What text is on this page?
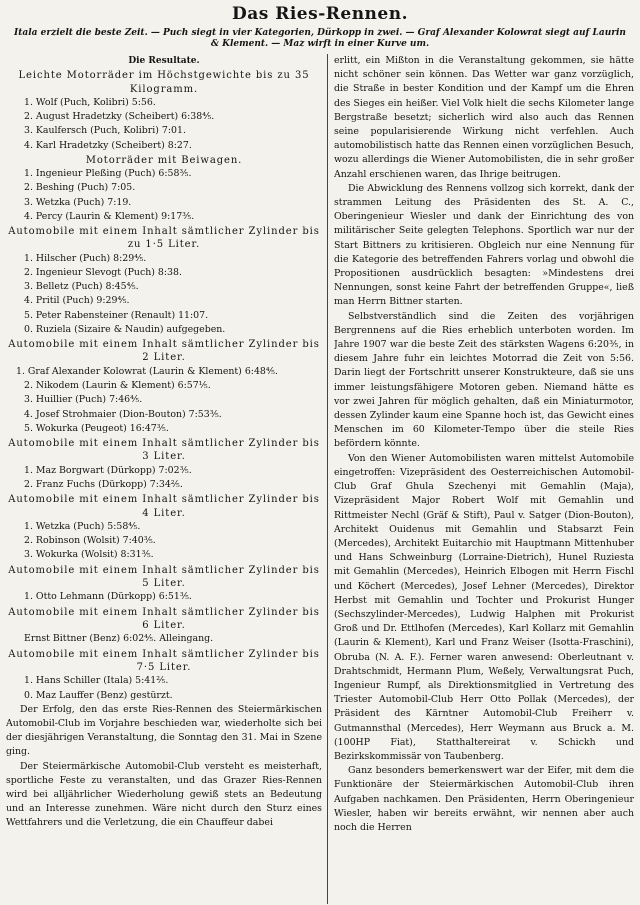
Das Ries-Rennen.
Itala erzielt die beste Zeit. — Puch siegt in vier Kategorien, Dürkopp in zwei. — Graf Alexander Kolowrat siegt auf Laurin & Klement. — Maz wirft in einer Kurve um.
Die Resultate.
Leichte Motorräder im Höchstgewichte bis zu 35 Kilogramm.
1. Wolf (Puch, Kolibri) 5:56.
2. August Hradetzky (Scheibert) 6:38⅘.
3. Kaulfersch (Puch, Kolibri) 7:01.
4. Karl Hradetzky (Scheibert) 8:27.
Motorräder mit Beiwagen.
1. Ingenieur Pleßing (Puch) 6:58⅗.
2. Beshing (Puch) 7:05.
3. Wetzka (Puch) 7:19.
4. Percy (Laurin & Klement) 9:17⅗.
Automobile mit einem Inhalt sämtlicher Zylinder bis zu 1·5 Liter.
1. Hilscher (Puch) 8:29⅘.
2. Ingenieur Slevogt (Puch) 8:38.
3. Belletz (Puch) 8:45⅘.
4. Pritil (Puch) 9:29⅘.
5. Peter Rabensteiner (Renault) 11:07.
0. Ruziela (Sizaire & Naudin) aufgegeben.
Automobile mit einem Inhalt sämtlicher Zylinder bis 2 Liter.
1. Graf Alexander Kolowrat (Laurin & Klement) 6:48⅘.
2. Nikodem (Laurin & Klement) 6:57⅕.
3. Huillier (Puch) 7:46⅘.
4. Josef Strohmaier (Dion-Bouton) 7:53⅗.
5. Wokurka (Peugeot) 16:47⅗.
Automobile mit einem Inhalt sämtlicher Zylinder bis 3 Liter.
1. Maz Borgwart (Dürkopp) 7:02⅗.
2. Franz Fuchs (Dürkopp) 7:34⅖.
Automobile mit einem Inhalt sämtlicher Zylinder bis 4 Liter.
1. Wetzka (Puch) 5:58⅘.
2. Robinson (Wolsit) 7:40⅗.
3. Wokurka (Wolsit) 8:31⅗.
Automobile mit einem Inhalt sämtlicher Zylinder bis 5 Liter.
1. Otto Lehmann (Dürkopp) 6:51⅗.
Automobile mit einem Inhalt sämtlicher Zylinder bis 6 Liter.
Ernst Bittner (Benz) 6:02⅘. Alleingang.
Automobile mit einem Inhalt sämtlicher Zylinder bis 7·5 Liter.
1. Hans Schiller (Itala) 5:41⅖.
0. Maz Lauffer (Benz) gestürzt.

Der Erfolg, den das erste Ries-Rennen des Steiermärkischen Automobil-Club im Vorjahre beschieden war, wiederholte sich bei der diesjährigen Veranstaltung, die Sonntag den 31. Mai in Szene ging.

Der Steiermärkische Automobil-Club versteht es meisterhaft, sportliche Feste zu veranstalten, und das Grazer Ries-Rennen wird bei alljährlicher Wiederholung gewiß stets an Bedeutung und an Interesse zunehmen. Wäre nicht durch den Sturz eines Wettfahrers und die Verletzung, die ein Chauffeur dabei

erlitt, ein Mißton in die Veranstaltung gekommen, sie hätte nicht schöner sein können. Das Wetter war ganz vorzüglich, die Straße in bester Kondition und der Kampf um die Ehren des Sieges ein heißer. Viel Volk hielt die sechs Kilometer lange Bergstraße besetzt; sicherlich wird also auch das Rennen seine popularisierende Wirkung nicht verfehlen. Auch automobilistisch hatte das Rennen einen vorzüglichen Besuch, wozu allerdings die Wiener Automobilisten, die in sehr großer Anzahl erschienen waren, das Ihrige beitrugen.

Die Abwicklung des Rennens vollzog sich korrekt, dank der strammen Leitung des Präsidenten des St. A. C., Oberingenieur Wiesler und dank der Einrichtung des von militärischer Seite gelegten Telephons. Sportlich war nur der Start Bittners zu kritisieren. Obgleich nur eine Nennung für die Kategorie des betreffenden Fahrers vorlag und obwohl die Propositionen ausdrücklich besagten: »Mindestens drei Nennungen, sonst keine Fahrt der betreffenden Gruppe«, ließ man Herrn Bittner starten.

Selbstverständlich sind die Zeiten des vorjährigen Bergrennens auf die Ries erheblich unterboten worden. Im Jahre 1907 war die beste Zeit des stärksten Wagens 6:20⅗, in diesem Jahre fuhr ein leichtes Motorrad die Zeit von 5:56. Darin liegt der Fortschritt unserer Konstrukteure, daß sie uns immer leistungsfähigere Motoren geben. Niemand hätte es vor zwei Jahren für möglich gehalten, daß ein Miniaturmotor, dessen Zylinder kaum eine Spanne hoch ist, das Gewicht eines Menschen im 60 Kilometer-Tempo über die steile Ries befördern könnte.

Von den Wiener Automobilisten waren mittelst Automobile eingetroffen: Vizepräsident des Oesterreichischen Automobil-Club Graf Ghula Szechenyi mit Gemahlin (Maja), Vizepräsident Major Robert Wolf mit Gemahlin und Rittmeister Nechl (Gräf & Stift), Paul v. Satger (Dion-Bouton), Architekt Ouidenus mit Gemahlin und Stabsarzt Fein (Mercedes), Architekt Euitarchio mit Hauptmann Mittenhuber und Hans Schweinburg (Lorraine-Dietrich), Hunel Ruziesta mit Gemahlin (Mercedes), Heinrich Elbogen mit Herrn Fischl und Köchert (Mercedes), Josef Lehner (Mercedes), Direktor Herbst mit Gemahlin und Tochter und Prokurist Hunger (Sechszylinder-Mercedes), Ludwig Halphen mit Prokurist Groß und Dr. Ettlhofen (Mercedes), Karl Kollarz mit Gemahlin (Laurin & Klement), Karl und Franz Weiser (Isotta-Fraschini), Obruba (N. A. F.). Ferner waren anwesend: Oberleutnant v. Drahtschmidt, Hermann Plum, Weßely, Verwaltungsrat Puch, Ingenieur Rumpf, als Direktionsmitglied in Vertretung des Triester Automobil-Club Herr Otto Pollak (Mercedes), der Präsident des Kärntner Automobil-Club Freiherr v. Gutmannsthal (Mercedes), Herr Weymann aus Bruck a. M. (100HP Fiat), Statthaltereirat v. Schickh und Bezirkskommissär von Taubenberg.

Ganz besonders bemerkenswert war der Eifer, mit dem die Funktionäre der Steiermärkischen Automobil-Club ihren Aufgaben nachkamen. Den Präsidenten, Herrn Oberingenieur Wiesler, haben wir bereits erwähnt, wir nennen aber auch noch die Herren
